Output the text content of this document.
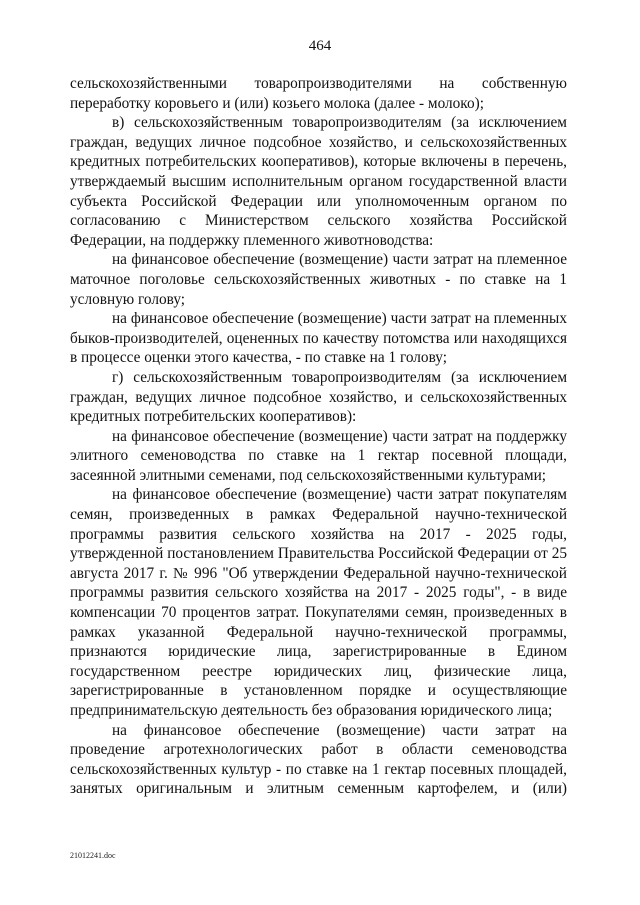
464

сельскохозяйственными товаропроизводителями на собственную переработку коровьего и (или) козьего молока (далее - молоко);

в) сельскохозяйственным товаропроизводителям (за исключением граждан, ведущих личное подсобное хозяйство, и сельскохозяйственных кредитных потребительских кооперативов), которые включены в перечень, утверждаемый высшим исполнительным органом государственной власти субъекта Российской Федерации или уполномоченным органом по согласованию с Министерством сельского хозяйства Российской Федерации, на поддержку племенного животноводства:

на финансовое обеспечение (возмещение) части затрат на племенное маточное поголовье сельскохозяйственных животных - по ставке на 1 условную голову;

на финансовое обеспечение (возмещение) части затрат на племенных быков-производителей, оцененных по качеству потомства или находящихся в процессе оценки этого качества, - по ставке на 1 голову;

г) сельскохозяйственным товаропроизводителям (за исключением граждан, ведущих личное подсобное хозяйство, и сельскохозяйственных кредитных потребительских кооперативов):

на финансовое обеспечение (возмещение) части затрат на поддержку элитного семеноводства по ставке на 1 гектар посевной площади, засеянной элитными семенами, под сельскохозяйственными культурами;

на финансовое обеспечение (возмещение) части затрат покупателям семян, произведенных в рамках Федеральной научно-технической программы развития сельского хозяйства на 2017 - 2025 годы, утвержденной постановлением Правительства Российской Федерации от 25 августа 2017 г. № 996 "Об утверждении Федеральной научно-технической программы развития сельского хозяйства на 2017 - 2025 годы", - в виде компенсации 70 процентов затрат. Покупателями семян, произведенных в рамках указанной Федеральной научно-технической программы, признаются юридические лица, зарегистрированные в Едином государственном реестре юридических лиц, физические лица, зарегистрированные в установленном порядке и осуществляющие предпринимательскую деятельность без образования юридического лица;

на финансовое обеспечение (возмещение) части затрат на проведение агротехнологических работ в области семеноводства сельскохозяйственных культур - по ставке на 1 гектар посевных площадей, занятых оригинальным и элитным семенным картофелем, и (или)

21012241.doc
